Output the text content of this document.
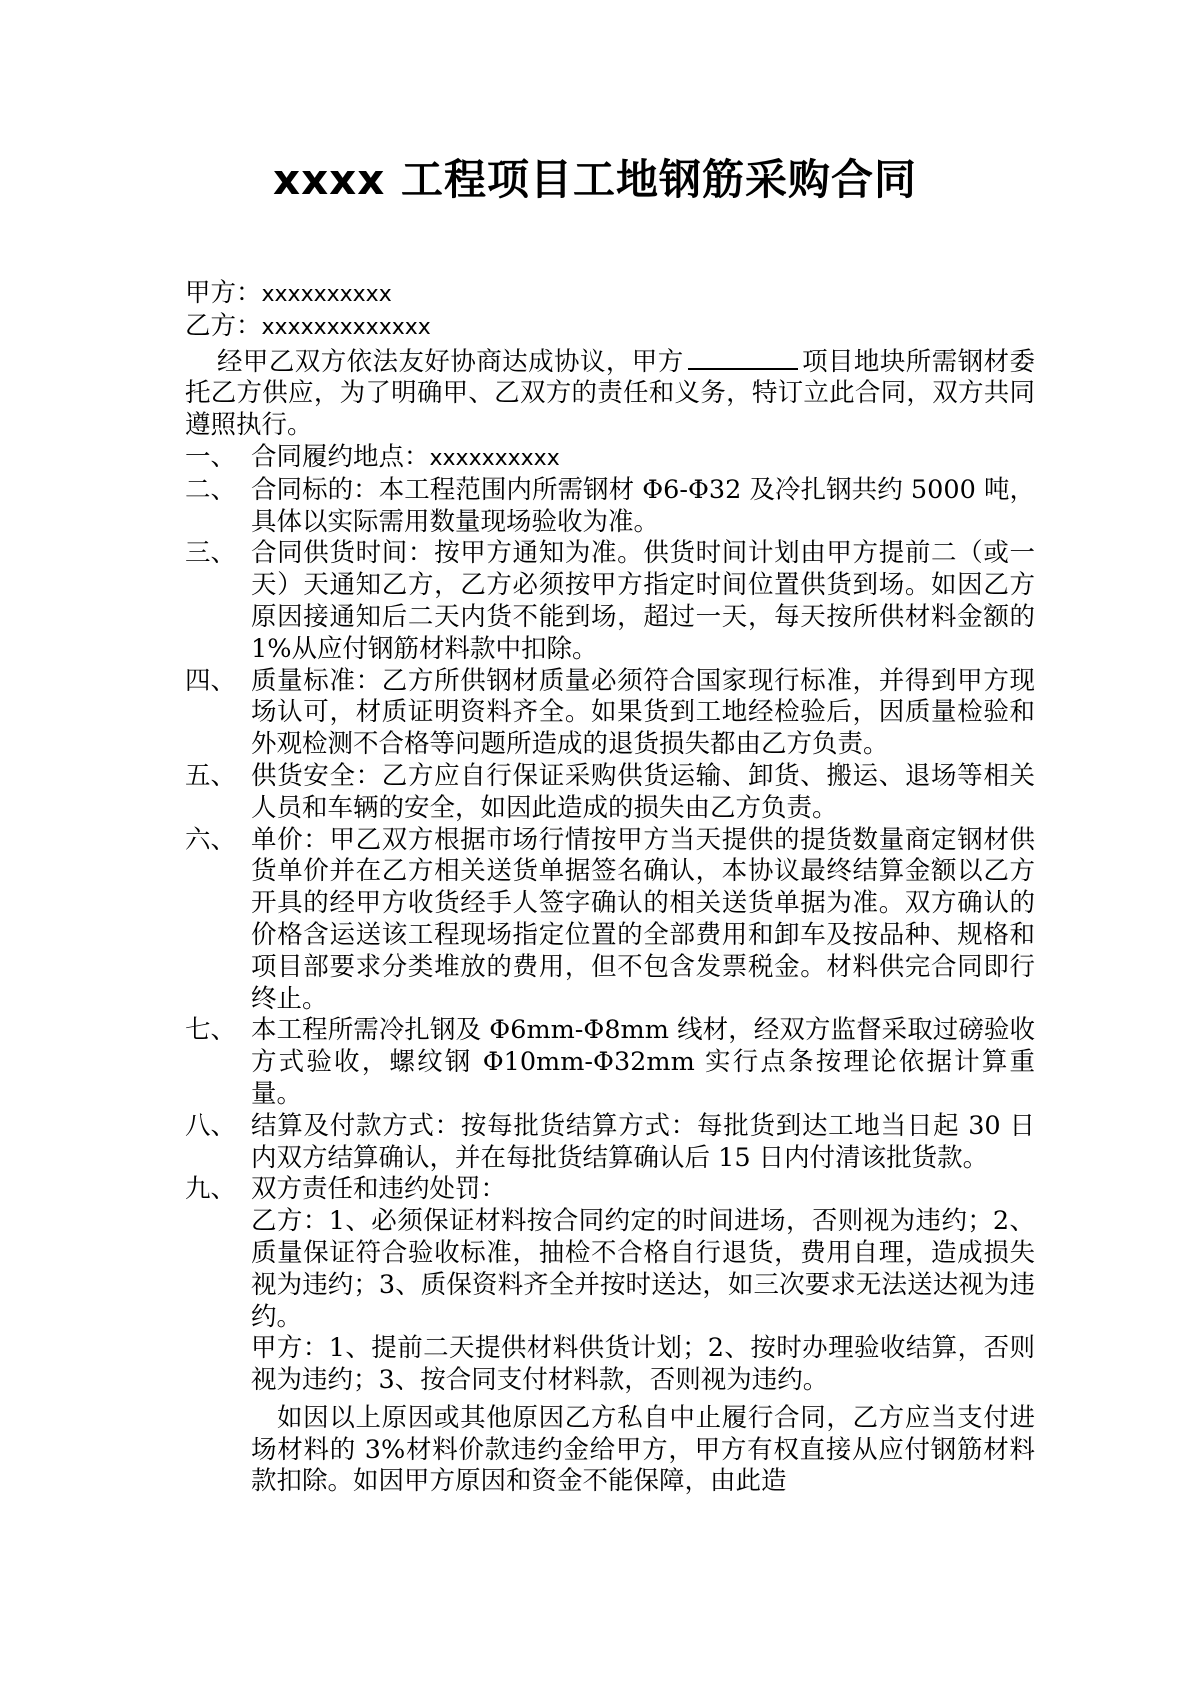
xxxx 工程项目工地钢筋采购合同

甲方：xxxxxxxxxx

乙方：xxxxxxxxxxxxx

经甲乙双方依法友好协商达成协议，甲方	项目地块所需钢材委托乙方供应，为了明确甲、乙双方的责任和义务，特订立此合同，双方共同遵照执行。

一、 合同履约地点：xxxxxxxxxx
二、 合同标的：本工程范围内所需钢材 Φ6-Φ32 及冷扎钢共约 5000 吨，具体以实际需用数量现场验收为准。
三、 合同供货时间：按甲方通知为准。供货时间计划由甲方提前二（或一天）天通知乙方，乙方必须按甲方指定时间位置供货到场。如因乙方原因接通知后二天内货不能到场，超过一天，每天按所供材料金额的 1%从应付钢筋材料款中扣除。
四、 质量标准：乙方所供钢材质量必须符合国家现行标准，并得到甲方现场认可，材质证明资料齐全。如果货到工地经检验后，因质量检验和外观检测不合格等问题所造成的退货损失都由乙方负责。
五、 供货安全：乙方应自行保证采购供货运输、卸货、搬运、退场等相关人员和车辆的安全，如因此造成的损失由乙方负责。
六、 单价：甲乙双方根据市场行情按甲方当天提供的提货数量商定钢材供货单价并在乙方相关送货单据签名确认，本协议最终结算金额以乙方开具的经甲方收货经手人签字确认的相关送货单据为准。双方确认的价格含运送该工程现场指定位置的全部费用和卸车及按品种、规格和项目部要求分类堆放的费用，但不包含发票税金。材料供完合同即行终止。
七、 本工程所需冷扎钢及 Φ6mm-Φ8mm 线材，经双方监督采取过磅验收方式验收，螺纹钢 Φ10mm-Φ32mm 实行点条按理论依据计算重量。
八、 结算及付款方式：按每批货结算方式：每批货到达工地当日起 30 日内双方结算确认，并在每批货结算确认后 15 日内付清该批货款。
九、 双方责任和违约处罚：

乙方：1、必须保证材料按合同约定的时间进场，否则视为违约；2、质量保证符合验收标准，抽检不合格自行退货，费用自理，造成损失视为违约；3、质保资料齐全并按时送达，如三次要求无法送达视为违约。

甲方：1、提前二天提供材料供货计划；2、按时办理验收结算，否则视为违约；3、按合同支付材料款，否则视为违约。

如因以上原因或其他原因乙方私自中止履行合同，乙方应当支付进场材料的 3%材料价款违约金给甲方，甲方有权直接从应付钢筋材料款扣除。如因甲方原因和资金不能保障，由此造
